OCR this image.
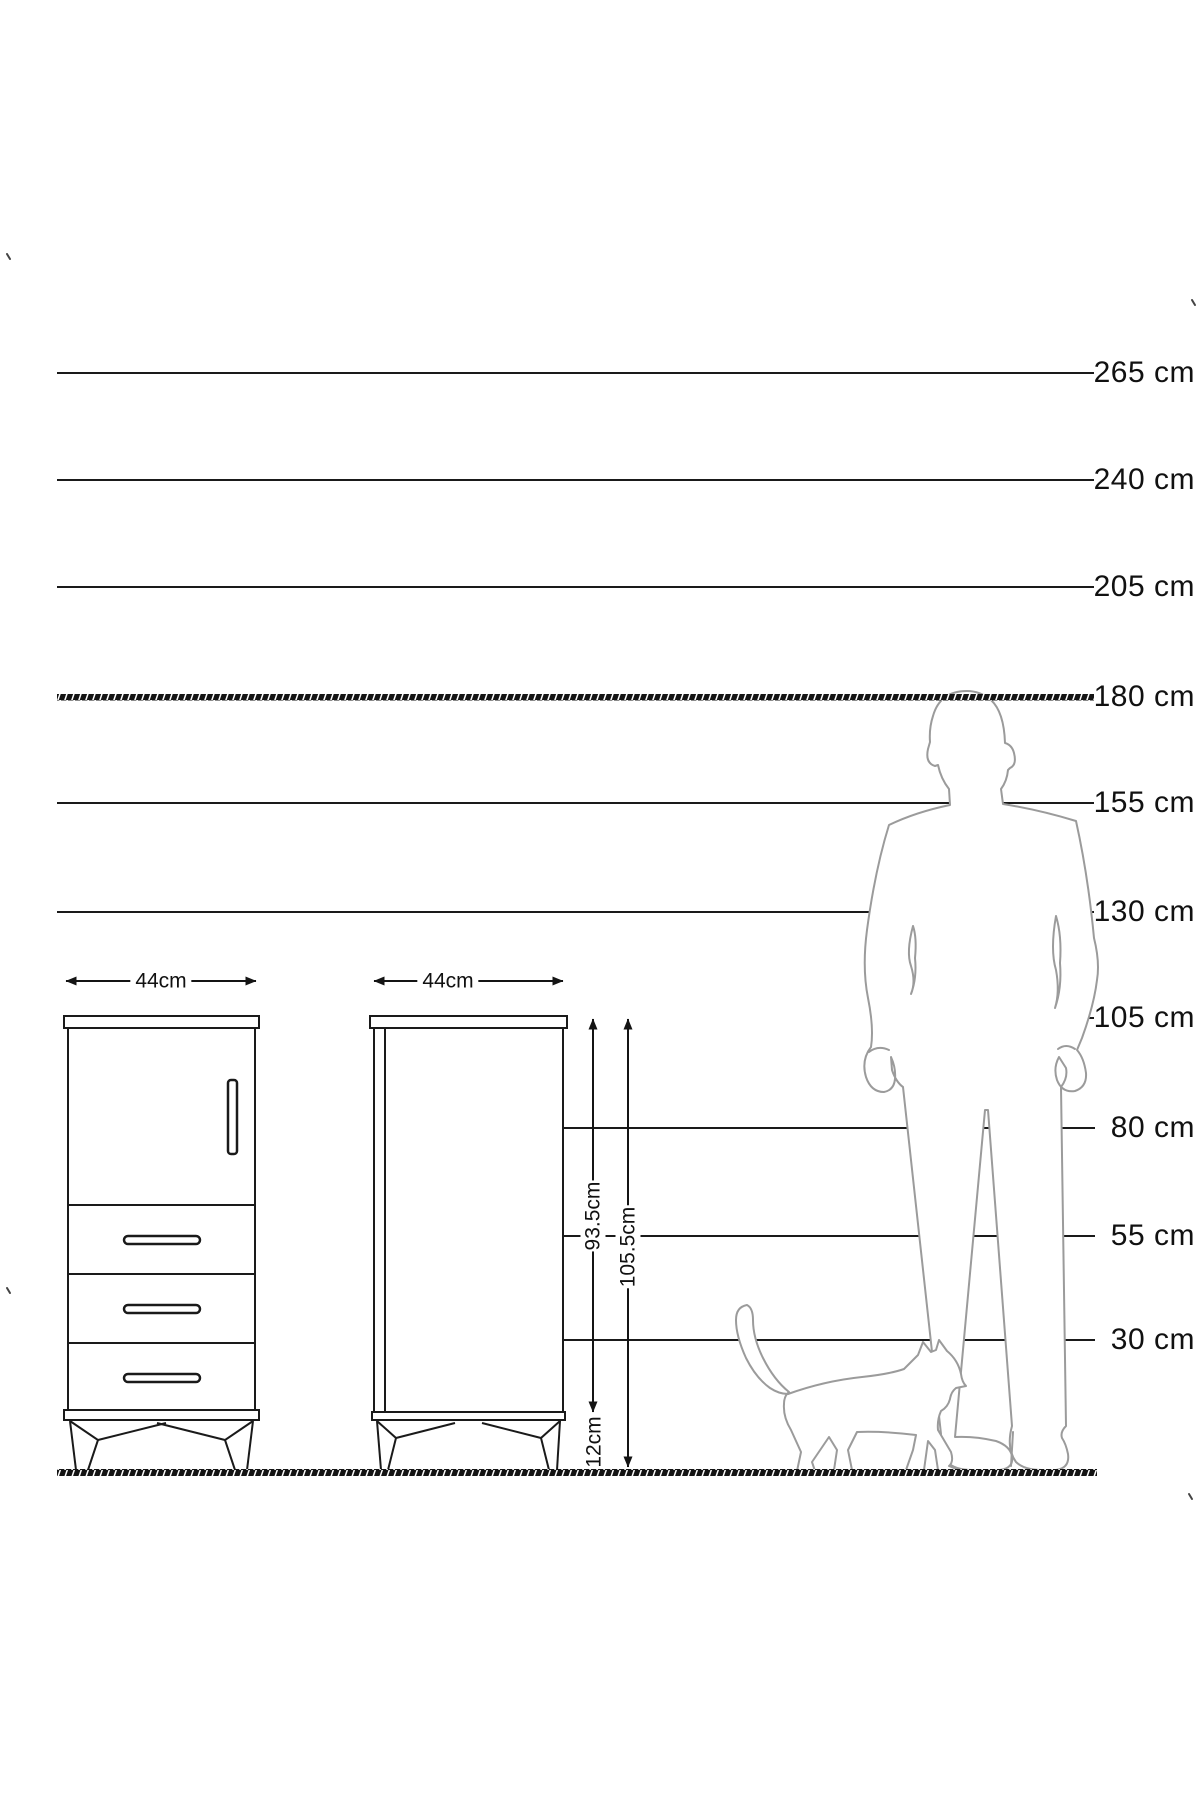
265 cm
240 cm
205 cm
180 cm
155 cm
130 cm
105 cm
80 cm
55 cm
30 cm
44cm	44cm
93.5cm 105.5cm
12cm
